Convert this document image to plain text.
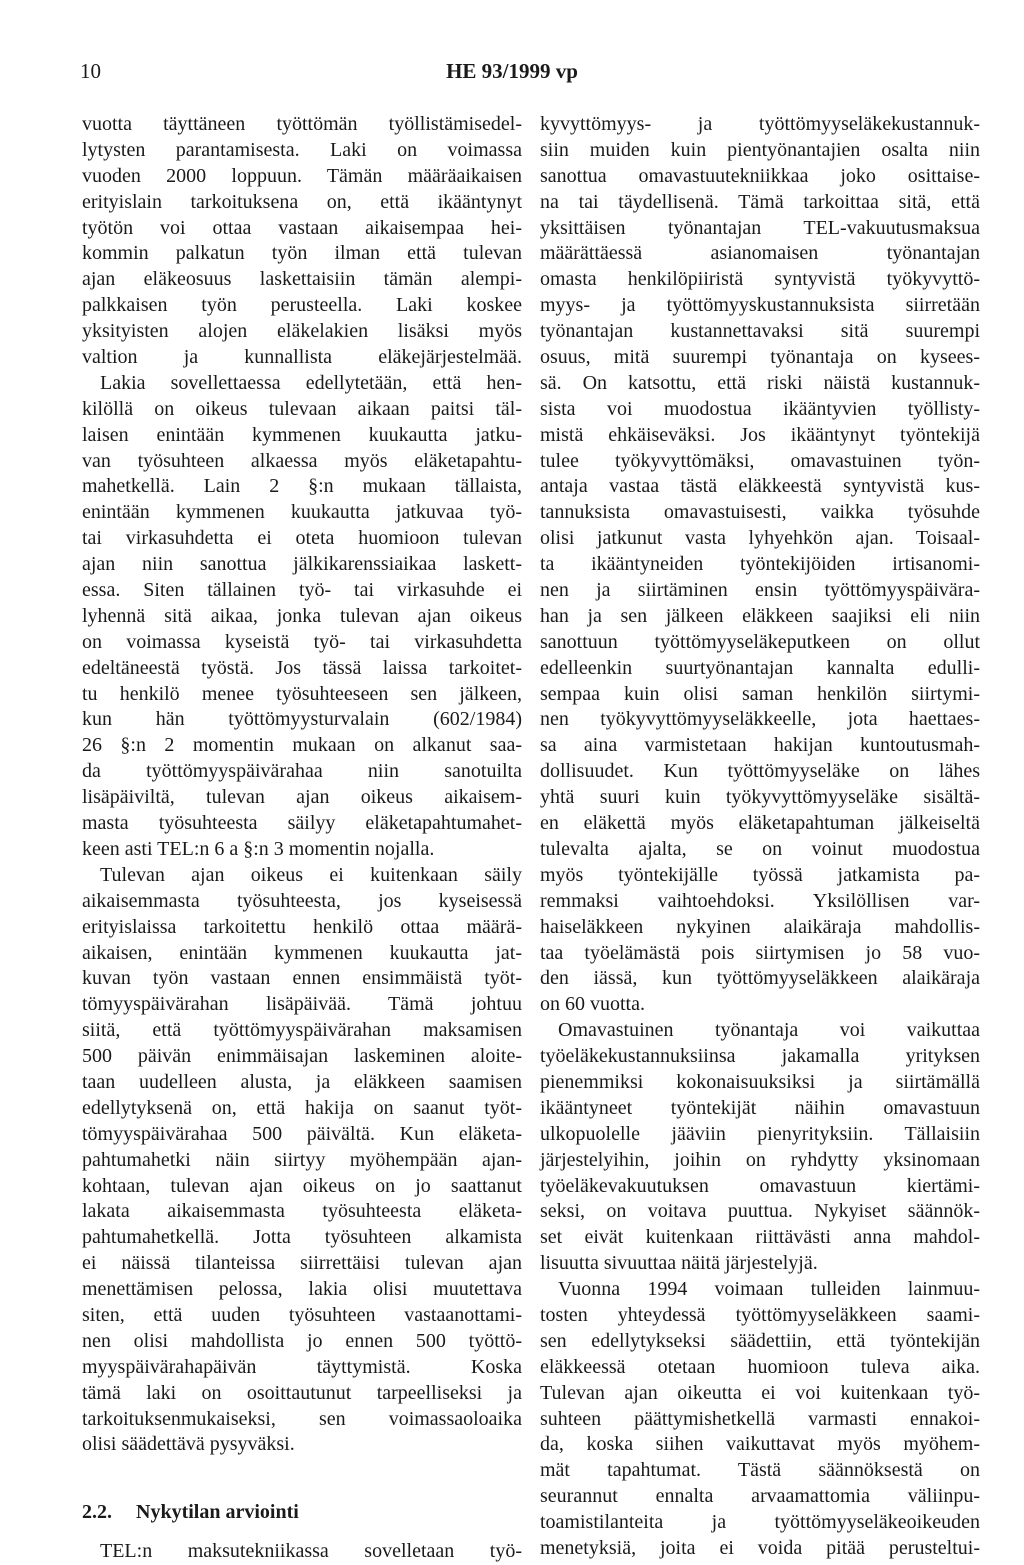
10	HE 93/1999 vp
vuotta täyttäneen työttömän työllistämisedel-
lytysten parantamisesta. Laki on voimassa
vuoden 2000 loppuun. Tämän määräaikaisen
erityislain tarkoituksena on, että ikääntynyt
työtön voi ottaa vastaan aikaisempaa hei-
kommin palkatun työn ilman että tulevan
ajan eläkeosuus laskettaisiin tämän alempi-
palkkaisen työn perusteella. Laki koskee
yksityisten alojen eläkelakien lisäksi myös
valtion ja kunnallista eläkejärjestelmää.
Lakia sovellettaessa edellytetään, että hen-
kilöllä on oikeus tulevaan aikaan paitsi täl-
laisen enintään kymmenen kuukautta jatku-
van työsuhteen alkaessa myös eläketapahtu-
mahetkellä. Lain 2 §:n mukaan tällaista,
enintään kymmenen kuukautta jatkuvaa työ-
tai virkasuhdetta ei oteta huomioon tulevan
ajan niin sanottua jälkikarenssiaikaa laskett-
essa. Siten tällainen työ- tai virkasuhde ei
lyhennä sitä aikaa, jonka tulevan ajan oikeus
on voimassa kyseistä työ- tai virkasuhdetta
edeltäneestä työstä. Jos tässä laissa tarkoitet-
tu henkilö menee työsuhteeseen sen jälkeen,
kun hän työttömyysturvalain (602/1984)
26 §:n 2 momentin mukaan on alkanut saa-
da työttömyyspäivärahaa niin sanotuilta
lisäpäiviltä, tulevan ajan oikeus aikaisem-
masta työsuhteesta säilyy eläketapahtumahet-
keen asti TEL:n 6 a §:n 3 momentin nojalla.
Tulevan ajan oikeus ei kuitenkaan säily
aikaisemmasta työsuhteesta, jos kyseisessä
erityislaissa tarkoitettu henkilö ottaa määrä-
aikaisen, enintään kymmenen kuukautta jat-
kuvan työn vastaan ennen ensimmäistä työt-
tömyyspäivärahan lisäpäivää. Tämä johtuu
siitä, että työttömyyspäivärahan maksamisen
500 päivän enimmäisajan laskeminen aloite-
taan uudelleen alusta, ja eläkkeen saamisen
edellytyksenä on, että hakija on saanut työt-
tömyyspäivärahaa 500 päivältä. Kun eläketa-
pahtumahetki näin siirtyy myöhempään ajan-
kohtaan, tulevan ajan oikeus on jo saattanut
lakata aikaisemmasta työsuhteesta eläketa-
pahtumahetkellä. Jotta työsuhteen alkamista
ei näissä tilanteissa siirrettäisi tulevan ajan
menettämisen pelossa, lakia olisi muutettava
siten, että uuden työsuhteen vastaanottami-
nen olisi mahdollista jo ennen 500 työttö-
myyspäivärahapäivän täyttymistä. Koska
tämä laki on osoittautunut tarpeelliseksi ja
tarkoituksenmukaiseksi, sen voimassaoloaika
olisi säädettävä pysyväksi.
2.2. Nykytilan arviointi
TEL:n maksutekniikassa sovelletaan työ-
kyvyttömyys- ja työttömyyseläkekustannuk-
siin muiden kuin pientyönantajien osalta niin
sanottua omavastuutekniikkaa joko osittaise-
na tai täydellisenä. Tämä tarkoittaa sitä, että
yksittäisen työnantajan TEL-vakuutusmaksua
määrättäessä asianomaisen työnantajan
omasta henkilöpiiristä syntyvistä työkyvyttö-
myys- ja työttömyyskustannuksista siirretään
työnantajan kustannettavaksi sitä suurempi
osuus, mitä suurempi työnantaja on kysees-
sä. On katsottu, että riski näistä kustannuk-
sista voi muodostua ikääntyvien työllisty-
mistä ehkäiseväksi. Jos ikääntynyt työntekijä
tulee työkyvyttömäksi, omavastuinen työn-
antaja vastaa tästä eläkkeestä syntyvistä kus-
tannuksista omavastuisesti, vaikka työsuhde
olisi jatkunut vasta lyhyehkön ajan. Toisaal-
ta ikääntyneiden työntekijöiden irtisanomi-
nen ja siirtäminen ensin työttömyyspäivära-
han ja sen jälkeen eläkkeen saajiksi eli niin
sanottuun työttömyyseläkeputkeen on ollut
edelleenkin suurtyönantajan kannalta edulli-
sempaa kuin olisi saman henkilön siirtymi-
nen työkyvyttömyyseläkkeelle, jota haettaes-
sa aina varmistetaan hakijan kuntoutusmah-
dollisuudet. Kun työttömyyseläke on lähes
yhtä suuri kuin työkyvyttömyyseläke sisältä-
en eläkettä myös eläketapahtuman jälkeiseltä
tulevalta ajalta, se on voinut muodostua
myös työntekijälle työssä jatkamista pa-
remmaksi vaihtoehdoksi. Yksilöllisen var-
haiseläkkeen nykyinen alaikäraja mahdollis-
taa työelämästä pois siirtymisen jo 58 vuo-
den iässä, kun työttömyyseläkkeen alaikäraja
on 60 vuotta.
Omavastuinen työnantaja voi vaikuttaa
työeläkekustannuksiinsa jakamalla yrityksen
pienemmiksi kokonaisuuksiksi ja siirtämällä
ikääntyneet työntekijät näihin omavastuun
ulkopuolelle jääviin pienyrityksiin. Tällaisiin
järjestelyihin, joihin on ryhdytty yksinomaan
työeläkevakuutuksen omavastuun kiertämi-
seksi, on voitava puuttua. Nykyiset säännök-
set eivät kuitenkaan riittävästi anna mahdol-
lisuutta sivuuttaa näitä järjestelyjä.
Vuonna 1994 voimaan tulleiden lainmuu-
tosten yhteydessä työttömyyseläkkeen saami-
sen edellytykseksi säädettiin, että työntekijän
eläkkeessä otetaan huomioon tuleva aika.
Tulevan ajan oikeutta ei voi kuitenkaan työ-
suhteen päättymishetkellä varmasti ennakoi-
da, koska siihen vaikuttavat myös myöhem-
mät tapahtumat. Tästä säännöksestä on
seurannut ennalta arvaamattomia väliinpu-
toamistilanteita ja työttömyyseläkeoikeuden
menetyksiä, joita ei voida pitää perusteltui-
